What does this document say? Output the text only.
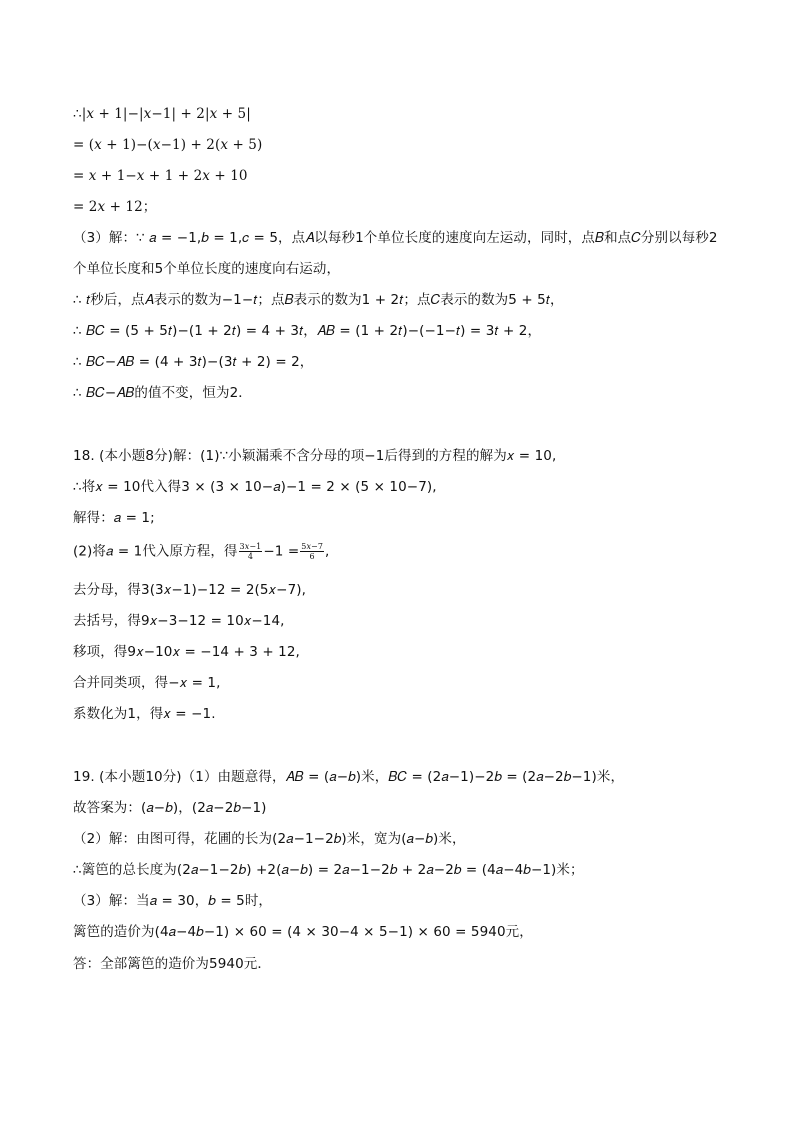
∴|𝑥 + 1|−|𝑥−1| + 2|𝑥 + 5|
= (𝑥 + 1)−(𝑥−1) + 2(𝑥 + 5)
= 𝑥 + 1−𝑥 + 1 + 2𝑥 + 10
= 2𝑥 + 12；
（3）解：∵ 𝑎 = −1,𝑏 = 1,𝑐 = 5，点𝐴以每秒1个单位长度的速度向左运动，同时，点𝐵和点𝐶分别以每秒2
个单位长度和5个单位长度的速度向右运动，
∴ 𝑡秒后，点𝐴表示的数为−1−𝑡；点𝐵表示的数为1 + 2𝑡；点𝐶表示的数为5 + 5𝑡，
∴ 𝐵𝐶 = (5 + 5𝑡)−(1 + 2𝑡) = 4 + 3𝑡，𝐴𝐵 = (1 + 2𝑡)−(−1−𝑡) = 3𝑡 + 2，
∴ 𝐵𝐶−𝐴𝐵 = (4 + 3𝑡)−(3𝑡 + 2) = 2，
∴ 𝐵𝐶−𝐴𝐵的值不变，恒为2．
18. (本小题8分)解：(1)∵小颖漏乘不含分母的项−1后得到的方程的解为𝑥 = 10,
∴将𝑥 = 10代入得3 × (3 × 10−𝑎)−1 = 2 × (5 × 10−7),
解得：𝑎 = 1;
(2)将𝑎 = 1代入原方程，得 $\frac{\text{3𝑥−1}}{4} -1 = \frac{\text{5𝑥−7}}{6}$ ,
去分母，得3(3𝑥−1)−12 = 2(5𝑥−7),
去括号，得9𝑥−3−12 = 10𝑥−14,
移项，得9𝑥−10𝑥 = −14 + 3 + 12,
合并同类项，得−𝑥 = 1,
系数化为1，得𝑥 = −1.
19. (本小题10分)（1）由题意得，𝐴𝐵 = (𝑎−𝑏)米，𝐵𝐶 = (2𝑎−1)−2𝑏 = (2𝑎−2𝑏−1)米，
故答案为：(𝑎−𝑏)，(2𝑎−2𝑏−1)
（2）解：由图可得，花圃的长为(2𝑎−1−2𝑏)米，宽为(𝑎−𝑏)米，
∴篱笆的总长度为(2𝑎−1−2𝑏) +2(𝑎−𝑏) = 2𝑎−1−2𝑏 + 2𝑎−2𝑏 = (4𝑎−4𝑏−1)米；
（3）解：当𝑎 = 30，𝑏 = 5时，
篱笆的造价为(4𝑎−4𝑏−1) × 60 = (4 × 30−4 × 5−1) × 60 = 5940元，
答：全部篱笆的造价为5940元．
